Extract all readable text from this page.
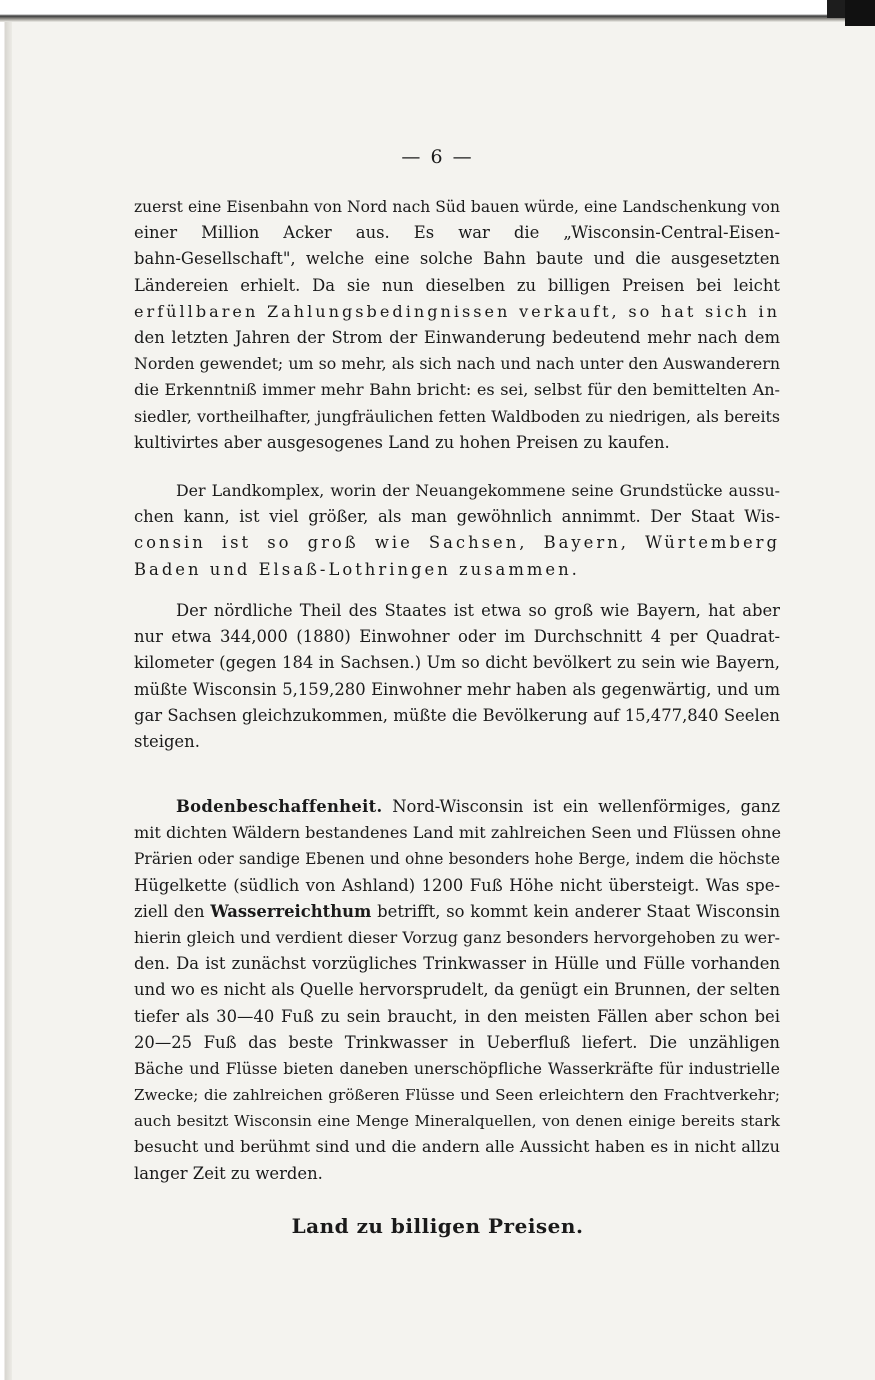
— 6 —
zuerst eine Eisenbahn von Nord nach Süd bauen würde, eine Landschenkung von
einer Million Acker aus. Es war die „Wisconsin-Central-Eisen-
bahn-Gesellschaft", welche eine solche Bahn baute und die ausgesetzten
Ländereien erhielt. Da sie nun dieselben zu billigen Preisen bei leicht
erfüllbaren Zahlungsbedingnissen verkauft, so hat sich in
den letzten Jahren der Strom der Einwanderung bedeutend mehr nach dem
Norden gewendet; um so mehr, als sich nach und nach unter den Auswanderern
die Erkenntniß immer mehr Bahn bricht: es sei, selbst für den bemittelten An-
siedler, vortheilhafter, jungfräulichen fetten Waldboden zu niedrigen, als bereits
kultivirtes aber ausgesogenes Land zu hohen Preisen zu kaufen.
Der Landkomplex, worin der Neuangekommene seine Grundstücke aussu-
chen kann, ist viel größer, als man gewöhnlich annimmt. Der Staat Wis-
consin ist so groß wie Sachsen, Bayern, Würtemberg
Baden und Elsaß-Lothringen zusammen.
Der nördliche Theil des Staates ist etwa so groß wie Bayern, hat aber
nur etwa 344,000 (1880) Einwohner oder im Durchschnitt 4 per Quadrat-
kilometer (gegen 184 in Sachsen.) Um so dicht bevölkert zu sein wie Bayern,
müßte Wisconsin 5,159,280 Einwohner mehr haben als gegenwärtig, und um
gar Sachsen gleichzukommen, müßte die Bevölkerung auf 15,477,840 Seelen
steigen.
Bodenbeschaffenheit. Nord-Wisconsin ist ein wellenförmiges, ganz
mit dichten Wäldern bestandenes Land mit zahlreichen Seen und Flüssen ohne
Prärien oder sandige Ebenen und ohne besonders hohe Berge, indem die höchste
Hügelkette (südlich von Ashland) 1200 Fuß Höhe nicht übersteigt. Was spe-
ziell den Wasserreichthum betrifft, so kommt kein anderer Staat Wisconsin
hierin gleich und verdient dieser Vorzug ganz besonders hervorgehoben zu wer-
den. Da ist zunächst vorzügliches Trinkwasser in Hülle und Fülle vorhanden
und wo es nicht als Quelle hervorsprudelt, da genügt ein Brunnen, der selten
tiefer als 30—40 Fuß zu sein braucht, in den meisten Fällen aber schon bei
20—25 Fuß das beste Trinkwasser in Ueberfluß liefert. Die unzähligen
Bäche und Flüsse bieten daneben unerschöpfliche Wasserkräfte für industrielle
Zwecke; die zahlreichen größeren Flüsse und Seen erleichtern den Frachtverkehr;
auch besitzt Wisconsin eine Menge Mineralquellen, von denen einige bereits stark
besucht und berühmt sind und die andern alle Aussicht haben es in nicht allzu
langer Zeit zu werden.
Land zu billigen Preisen.
